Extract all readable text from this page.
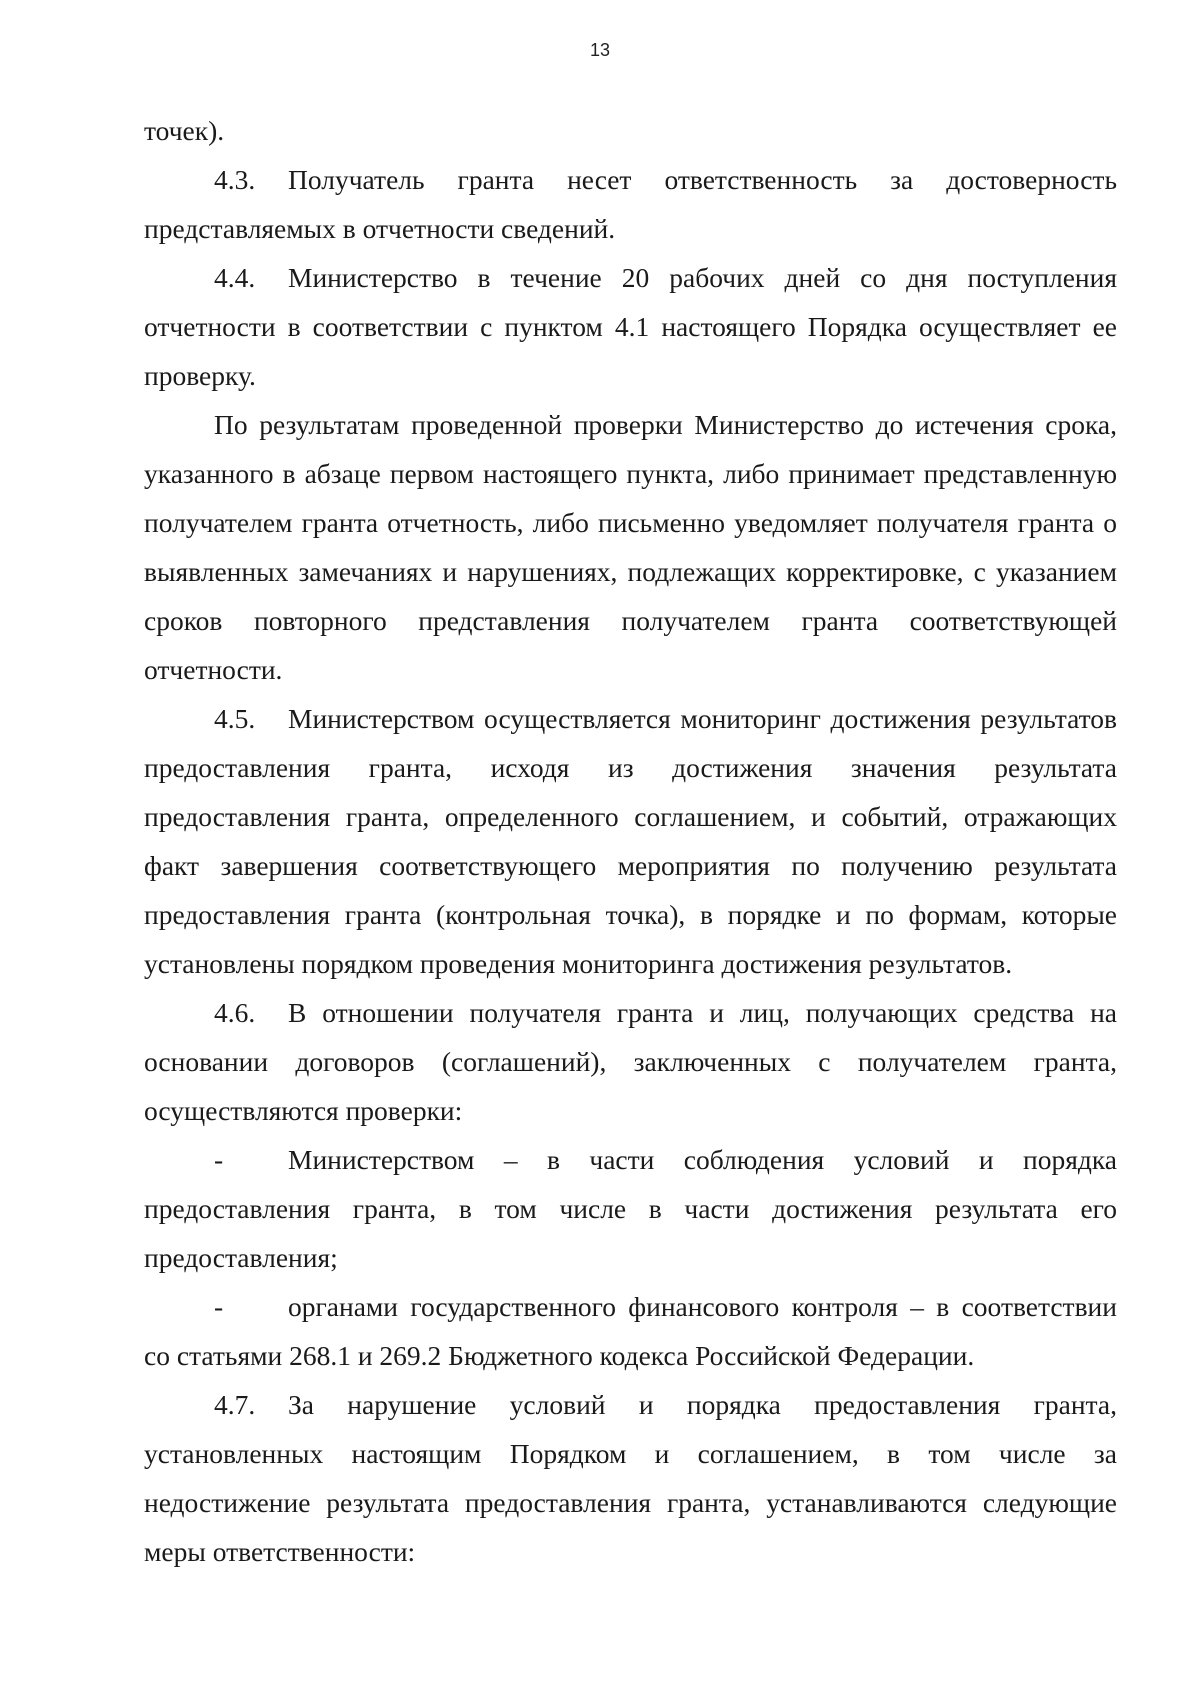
13

точек).

4.3. Получатель гранта несет ответственность за достоверность представляемых в отчетности сведений.

4.4. Министерство в течение 20 рабочих дней со дня поступления отчетности в соответствии с пунктом 4.1 настоящего Порядка осуществляет ее проверку.

По результатам проведенной проверки Министерство до истечения срока, указанного в абзаце первом настоящего пункта, либо принимает представленную получателем гранта отчетность, либо письменно уведомляет получателя гранта о выявленных замечаниях и нарушениях, подлежащих корректировке, с указанием сроков повторного представления получателем гранта соответствующей отчетности.

4.5. Министерством осуществляется мониторинг достижения результатов предоставления гранта, исходя из достижения значения результата предоставления гранта, определенного соглашением, и событий, отражающих факт завершения соответствующего мероприятия по получению результата предоставления гранта (контрольная точка), в порядке и по формам, которые установлены порядком проведения мониторинга достижения результатов.

4.6. В отношении получателя гранта и лиц, получающих средства на основании договоров (соглашений), заключенных с получателем гранта, осуществляются проверки:

- Министерством – в части соблюдения условий и порядка предоставления гранта, в том числе в части достижения результата его предоставления;

- органами государственного финансового контроля – в соответствии со статьями 268.1 и 269.2 Бюджетного кодекса Российской Федерации.

4.7. За нарушение условий и порядка предоставления гранта, установленных настоящим Порядком и соглашением, в том числе за недостижение результата предоставления гранта, устанавливаются следующие меры ответственности:
